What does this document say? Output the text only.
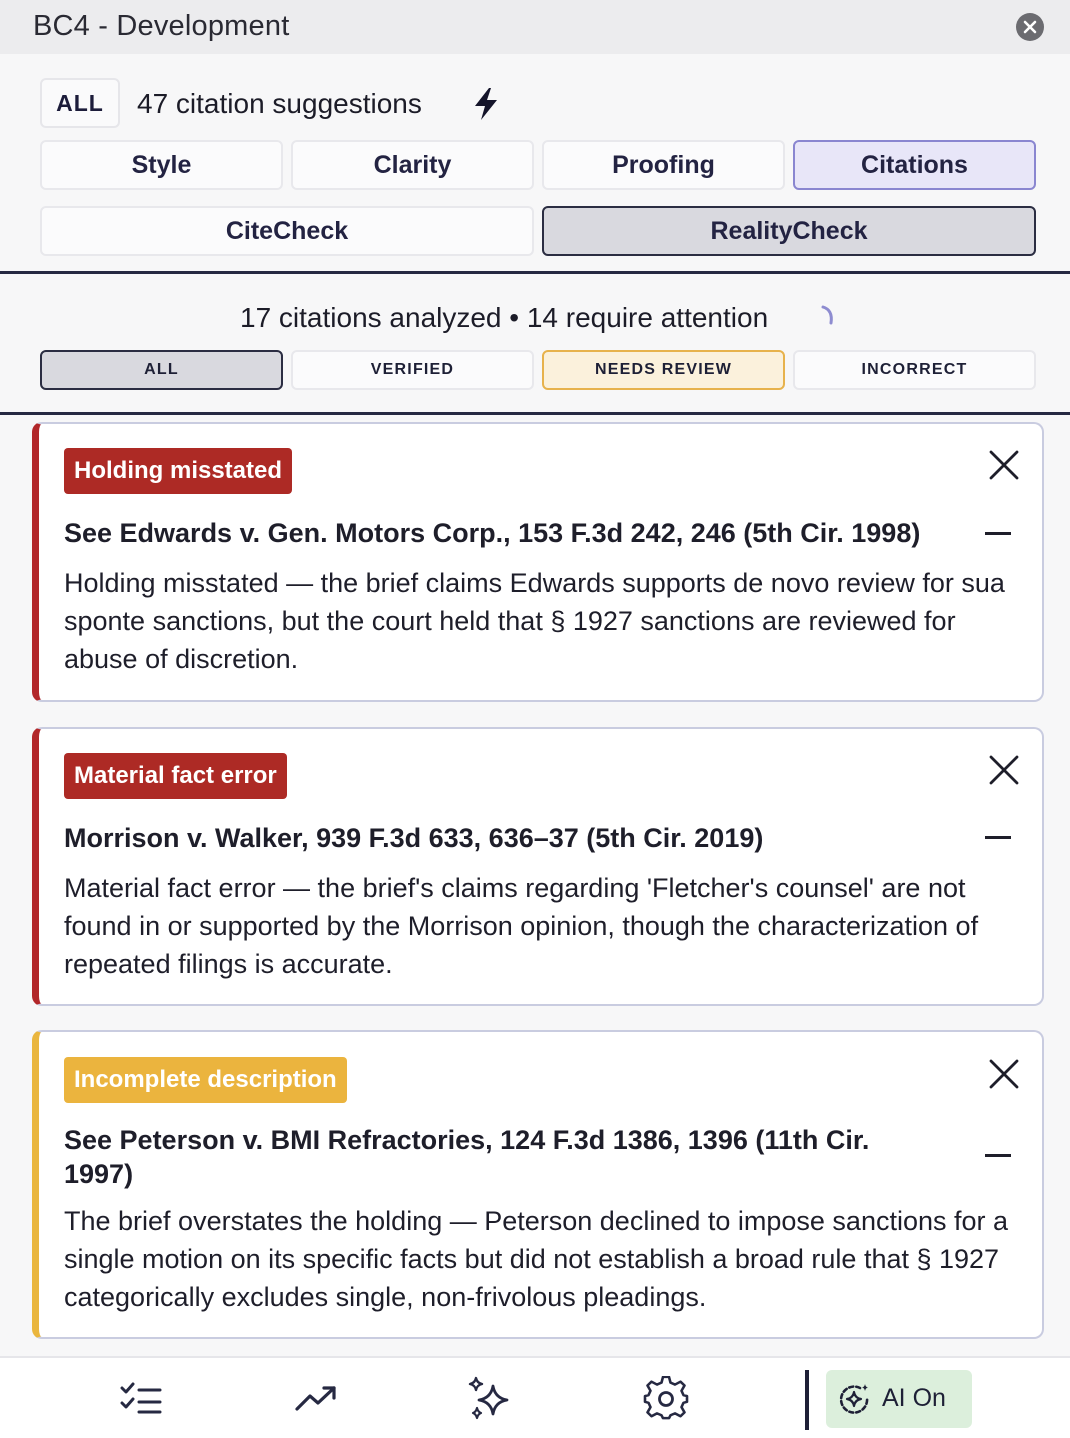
BC4 - Development
ALL	47 citation suggestions
Style	Clarity	Proofing	Citations
CiteCheck	RealityCheck
17 citations analyzed • 14 require attention
ALL	VERIFIED	NEEDS REVIEW	INCORRECT
Holding misstated
See Edwards v. Gen. Motors Corp., 153 F.3d 242, 246 (5th Cir. 1998)
Holding misstated — the brief claims Edwards supports de novo review for sua sponte sanctions, but the court held that § 1927 sanctions are reviewed for abuse of discretion.
Material fact error
Morrison v. Walker, 939 F.3d 633, 636–37 (5th Cir. 2019)
Material fact error — the brief's claims regarding 'Fletcher's counsel' are not found in or supported by the Morrison opinion, though the characterization of repeated filings is accurate.
Incomplete description
See Peterson v. BMI Refractories, 124 F.3d 1386, 1396 (11th Cir. 1997)
The brief overstates the holding — Peterson declined to impose sanctions for a single motion on its specific facts but did not establish a broad rule that § 1927 categorically excludes single, non-frivolous pleadings.
AI On
